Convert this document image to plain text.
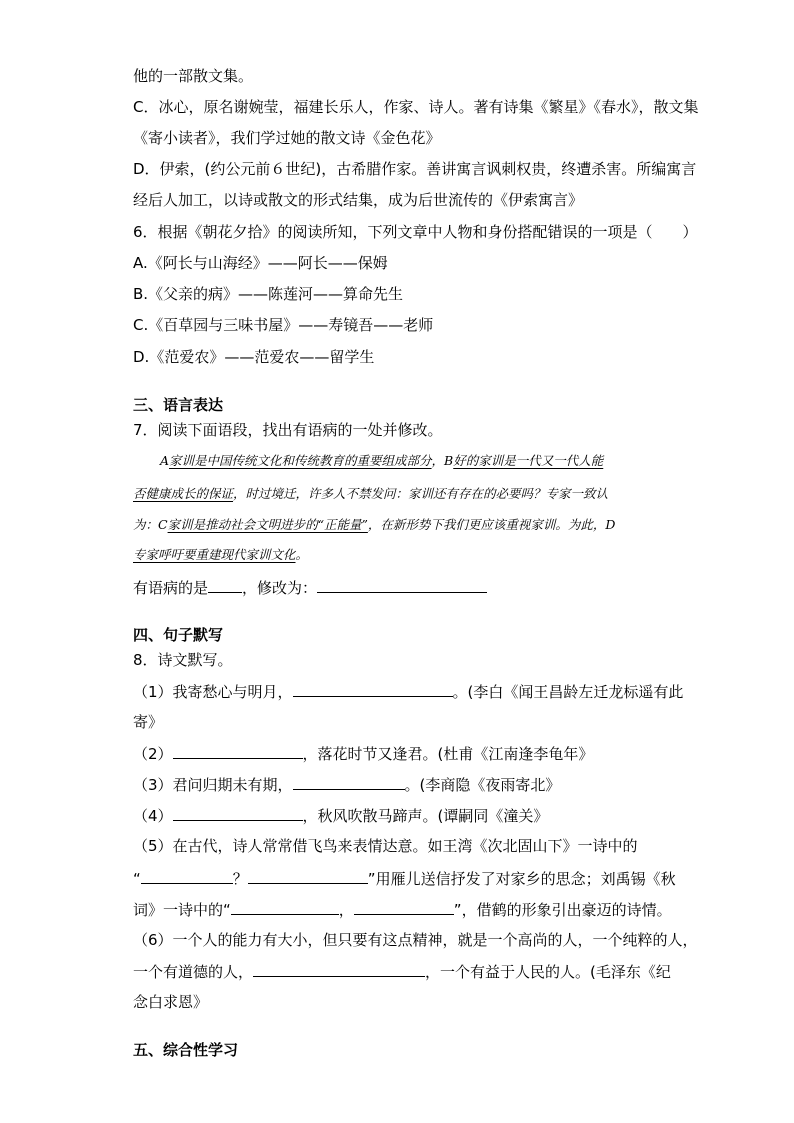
他的一部散文集。
C．冰心，原名谢婉莹，福建长乐人，作家、诗人。著有诗集《繁星》《春水》，散文集
《寄小读者》，我们学过她的散文诗《金色花》
D．伊索，(约公元前６世纪)，古希腊作家。善讲寓言讽刺权贵，终遭杀害。所编寓言
经后人加工，以诗或散文的形式结集，成为后世流传的《伊索寓言》
6．根据《朝花夕拾》的阅读所知，下列文章中人物和身份搭配错误的一项是（　　）
A.《阿长与山海经》——阿长——保姆
B.《父亲的病》——陈莲河——算命先生
C.《百草园与三味书屋》——寿镜吾——老师
D.《范爱农》——范爱农——留学生
三、语言表达
7．阅读下面语段，找出有语病的一处并修改。
A家训是中国传统文化和传统教育的重要组成部分，B好的家训是一代又一代人能
否健康成长的保证，时过境迁，许多人不禁发问：家训还有存在的必要吗？专家一致认
为：C家训是推动社会文明进步的“正能量”，在新形势下我们更应该重视家训。为此，D
专家呼吁要重建现代家训文化。
有语病的是 ，修改为：
四、句子默写
8．诗文默写。
（1）我寄愁心与明月，	。(李白《闻王昌龄左迁龙标遥有此
寄》
（2）	，落花时节又逢君。(杜甫《江南逢李龟年》
（3）君问归期未有期，	。(李商隐《夜雨寄北》
（4）	，秋风吹散马蹄声。(谭嗣同《潼关》
（5）在古代，诗人常常借飞鸟来表情达意。如王湾《次北固山下》一诗中的
“	？	”用雁儿送信抒发了对家乡的思念；刘禹锡《秋
词》一诗中的“	，	”，借鹤的形象引出豪迈的诗情。
（6）一个人的能力有大小，但只要有这点精神，就是一个高尚的人，一个纯粹的人，
一个有道德的人，	，一个有益于人民的人。(毛泽东《纪
念白求恩》
五、综合性学习
